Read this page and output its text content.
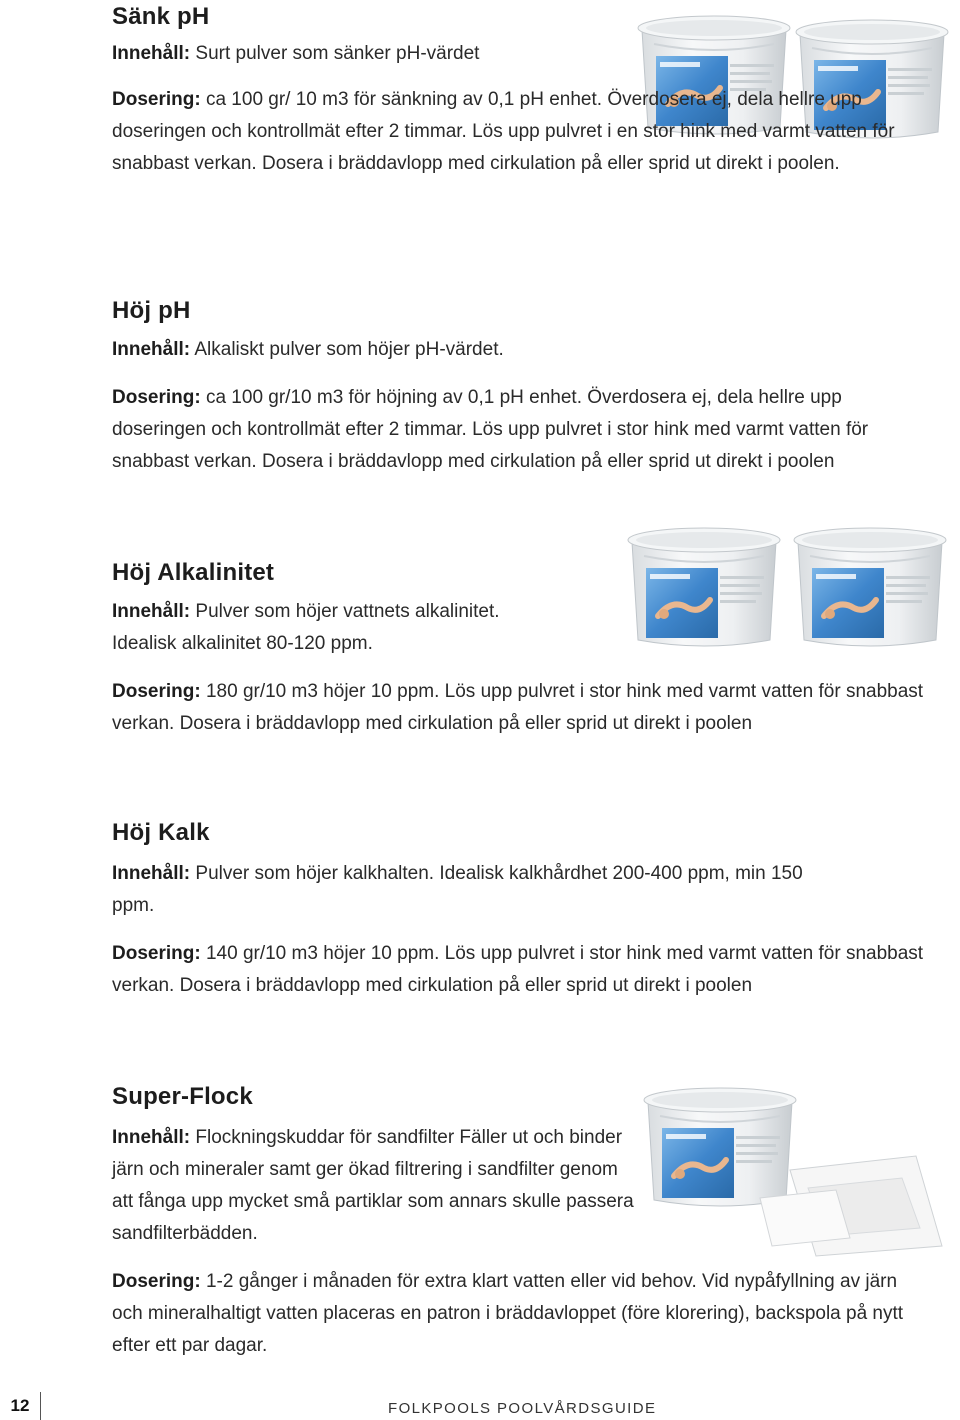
Sänk pH

Innehåll: Surt pulver som sänker pH-värdet

Dosering: ca 100 gr/ 10 m3 för sänkning av 0,1 pH enhet. Överdosera ej, dela hellre upp doseringen och kontrollmät efter 2 timmar. Lös upp pulvret i en stor hink med varmt vatten för snabbast verkan. Dosera i bräddavlopp med cirkulation på eller sprid ut direkt i poolen.

Höj pH

Innehåll: Alkaliskt pulver som höjer pH-värdet.

Dosering: ca 100 gr/10 m3 för höjning av 0,1 pH enhet. Överdosera ej, dela hellre upp doseringen och kontrollmät efter 2 timmar. Lös upp pulvret i stor hink med varmt vatten för snabbast verkan. Dosera i bräddavlopp med cirkulation på eller sprid ut direkt i poolen

Höj Alkalinitet

Innehåll: Pulver som höjer vattnets alkalinitet.
Idealisk alkalinitet 80-120 ppm.

Dosering: 180 gr/10 m3 höjer 10 ppm. Lös upp pulvret i stor hink med varmt vatten för snabbast verkan. Dosera i bräddavlopp med cirkulation på eller sprid ut direkt i poolen

Höj Kalk

Innehåll: Pulver som höjer kalkhalten. Idealisk kalkhårdhet 200-400 ppm, min 150 ppm.

Dosering: 140 gr/10 m3 höjer 10 ppm. Lös upp pulvret i stor hink med varmt vatten för snabbast verkan. Dosera i bräddavlopp med cirkulation på eller sprid ut direkt i poolen

Super-Flock

Innehåll: Flockningskuddar för sandfilter Fäller ut och binder järn och mineraler samt ger ökad filtrering i sandfilter genom att fånga upp mycket små partiklar som annars skulle passera sandfilterbädden.

Dosering: 1-2 gånger i månaden för extra klart vatten eller vid behov. Vid nypåfyllning av järn och mineralhaltigt vatten placeras en patron i bräddavloppet (före klorering), backspola på nytt efter ett par dagar.

12	FOLKPOOLS POOLVÅRDSGUIDE
